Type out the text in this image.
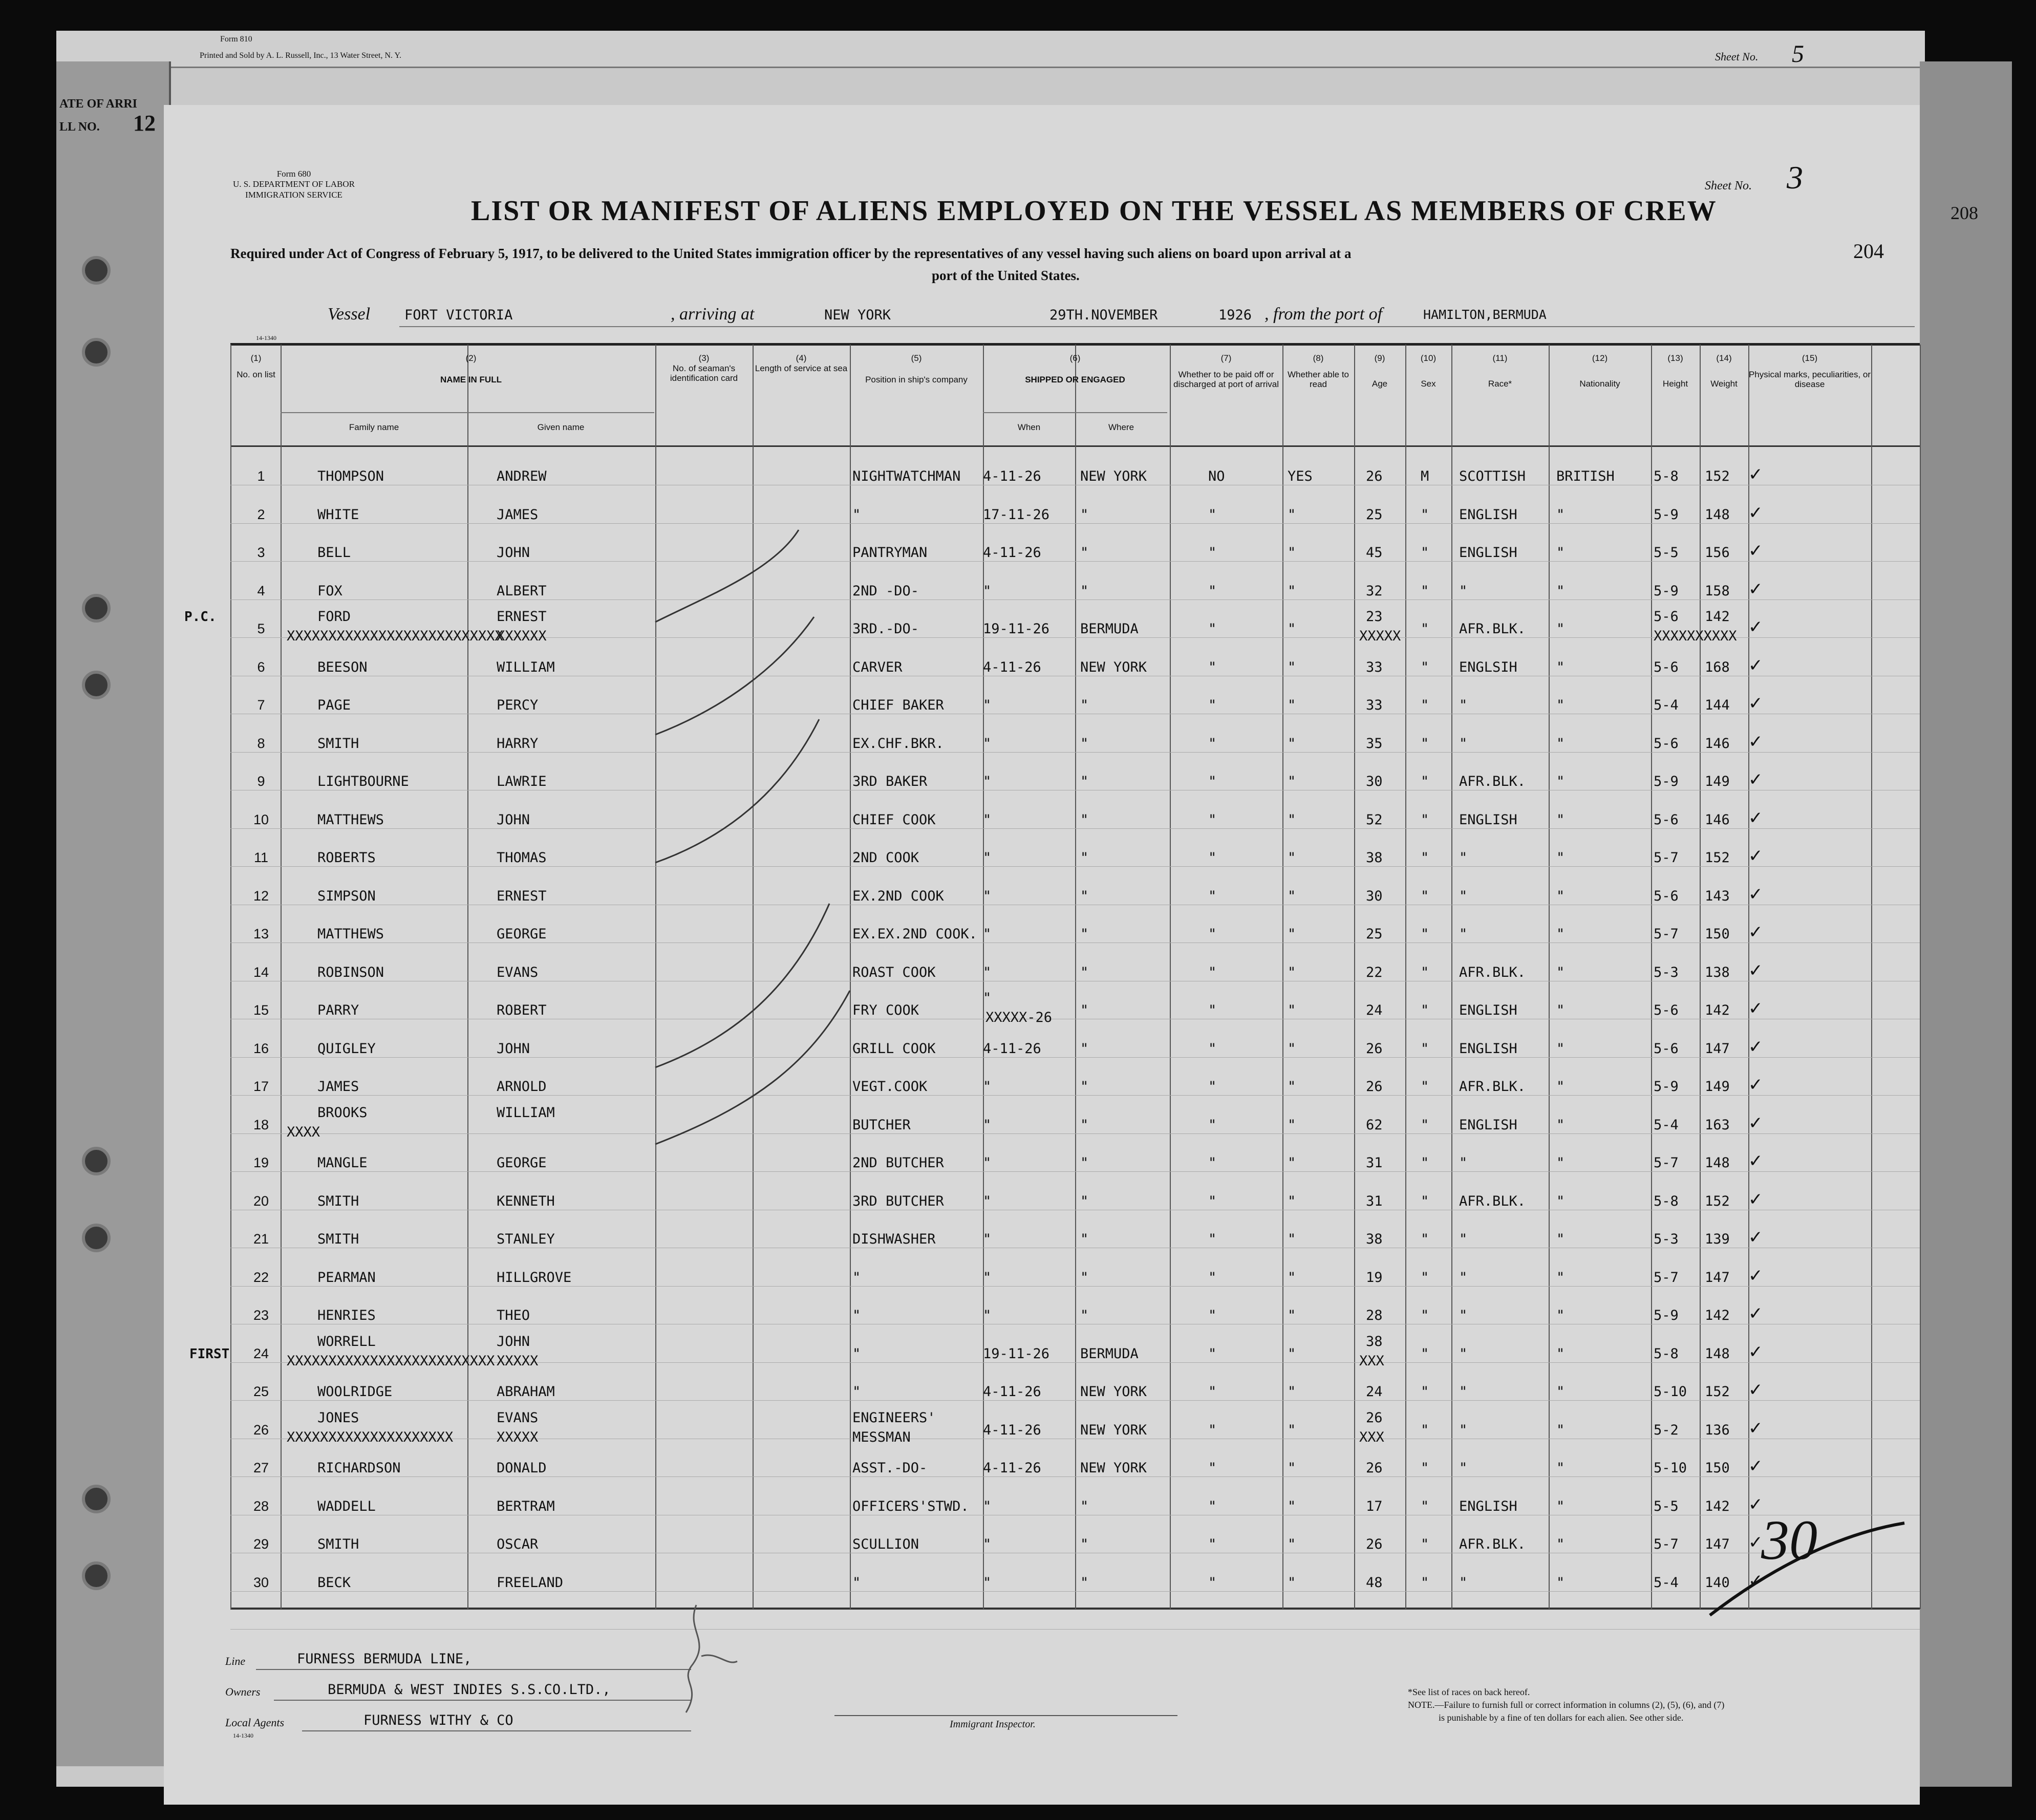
Form 810
Printed and Sold by A. L. Russell, Inc., 13 Water Street, N. Y.	Sheet No. 5
ATE OF ARRI
LL NO. 12
208
Form 680
U. S. DEPARTMENT OF LABOR
IMMIGRATION SERVICE
Sheet No. 3
LIST OR MANIFEST OF ALIENS EMPLOYED ON THE VESSEL AS MEMBERS OF CREW
Required under Act of Congress of February 5, 1917, to be delivered to the United States immigration officer by the representatives of any vessel having such aliens on board upon arrival at a
port of the United States.
204
Vessel FORT VICTORIA	, arriving at	NEW YORK	29TH.NOVEMBER	1926 , from the port of	HAMILTON,BERMUDA
14-1340
(1)
No. on list
(2)
NAME IN FULL
Family name	Given name
(3)
No. of seaman's identification card
(4)
Length of service at sea
(5)
Position in ship's company
(6)
SHIPPED OR ENGAGED
When	Where
(7)
Whether to be paid off or discharged at port of arrival
(8)
Whether able to read
(9)
Age
(10)
Sex
(11)
Race*
(12)
Nationality
(13)
Height
(14)
Weight
(15)
Physical marks, peculiarities, or disease
1	THOMPSON	ANDREW	NIGHTWATCHMAN 4-11-26	NEW YORK	NO	YES	26	M SCOTTISH BRITISH	5-8 152 ✓
2	WHITE	JAMES	"	17-11-26 "	"	"	25	" ENGLISH	"	5-9 148 ✓
3	BELL	JOHN	PANTRYMAN	4-11-26	"	"	"	45	" ENGLISH	"	5-5 156 ✓
4	FOX	ALBERT	2ND -DO-	"	"	"	"	32	" "	"	5-9 158 ✓
5
FORD	ERNEST
3RD.-DO-	19-11-26 BERMUDA	"	"
23
" AFR.BLK. "
5-6 142
✓
XXXXXXXXXXXXXXXXXXXXXXXXXX
XXXXXX	XXXXX	XXXXXXXXXX
6	BEESON	WILLIAM	CARVER	4-11-26	NEW YORK	"	"	33	" ENGLSIH	"	5-6 168 ✓
7	PAGE	PERCY	CHIEF BAKER	"	"	"	"	33	" "	"	5-4 144 ✓
8	SMITH	HARRY	EX.CHF.BKR.	"	"	"	"	35	" "	"	5-6 146 ✓
9	LIGHTBOURNE	LAWRIE	3RD BAKER	"	"	"	"	30	" AFR.BLK. "	5-9 149 ✓
10	MATTHEWS	JOHN	CHIEF COOK	"	"	"	"	52	" ENGLISH	"	5-6 146 ✓
11	ROBERTS	THOMAS	2ND COOK	"	"	"	"	38	" "	"	5-7 152 ✓
12	SIMPSON	ERNEST	EX.2ND COOK	"	"	"	"	30	" "	"	5-6 143 ✓
13	MATTHEWS	GEORGE	EX.EX.2ND COOK. "	"	"	"	25	" "	"	5-7 150 ✓
14	ROBINSON	EVANS	ROAST COOK	"	"	"	"	22	" AFR.BLK. "	5-3 138 ✓
15	PARRY	ROBERT	FRY COOK
"
"	"	"	24	" ENGLISH	"	5-6 142 ✓
XXXXX-26
16	QUIGLEY	JOHN	GRILL COOK	4-11-26	"	"	"	26	" ENGLISH	"	5-6 147 ✓
17	JAMES	ARNOLD	VEGT.COOK	"	"	"	"	26	" AFR.BLK. "	5-9 149 ✓
18
BROOKS	WILLIAM
BUTCHER	"	"	"	"	62	" ENGLISH	"	5-4 163 ✓
XXXX
19	MANGLE	GEORGE	2ND BUTCHER	"	"	"	"	31	" "	"	5-7 148 ✓
20	SMITH	KENNETH	3RD BUTCHER	"	"	"	"	31	" AFR.BLK. "	5-8 152 ✓
21	SMITH	STANLEY	DISHWASHER	"	"	"	"	38	" "	"	5-3 139 ✓
22	PEARMAN	HILLGROVE	"	"	"	"	"	19	" "	"	5-7 147 ✓
23	HENRIES	THEO	"	"	"	"	"	28	" "	"	5-9 142 ✓
24
WORRELL	JOHN
"	19-11-26 BERMUDA	"	"
38
" "	"	5-8 148 ✓
XXXXXXXXXXXXXXXXXXXXXXXXX XXXXX	XXX
25	WOOLRIDGE	ABRAHAM	"	4-11-26	NEW YORK	"	"	24	" "	"	5-10 152 ✓
26
JONES	EVANS	ENGINEERS'
4-11-26	NEW YORK	"	"
26
" "	"	5-2 136 ✓
XXXXXXXXXXXXXXXXXXXX	XXXXX	XXX
MESSMAN
27	RICHARDSON	DONALD	ASST.-DO-	4-11-26	NEW YORK	"	"	26	" "	"	5-10 150 ✓
28	WADDELL	BERTRAM	OFFICERS'STWD. "	"	"	"	17	" ENGLISH	"	5-5 142 ✓
29	SMITH	OSCAR	SCULLION	"	"	"	"	26	" AFR.BLK. "	5-7 147 ✓
30	BECK	FREELAND	"	"	"	"	"	48	" "	"	5-4 140 ✓
P.C.
FIRST
30
Line	FURNESS BERMUDA LINE,
Owners	BERMUDA & WEST INDIES S.S.CO.LTD.,
Local Agents	FURNESS WITHY & CO
14-1340
Immigrant Inspector.
*See list of races on back hereof.
NOTE.—Failure to furnish full or correct information in columns (2), (5), (6), and (7)
is punishable by a fine of ten dollars for each alien. See other side.
